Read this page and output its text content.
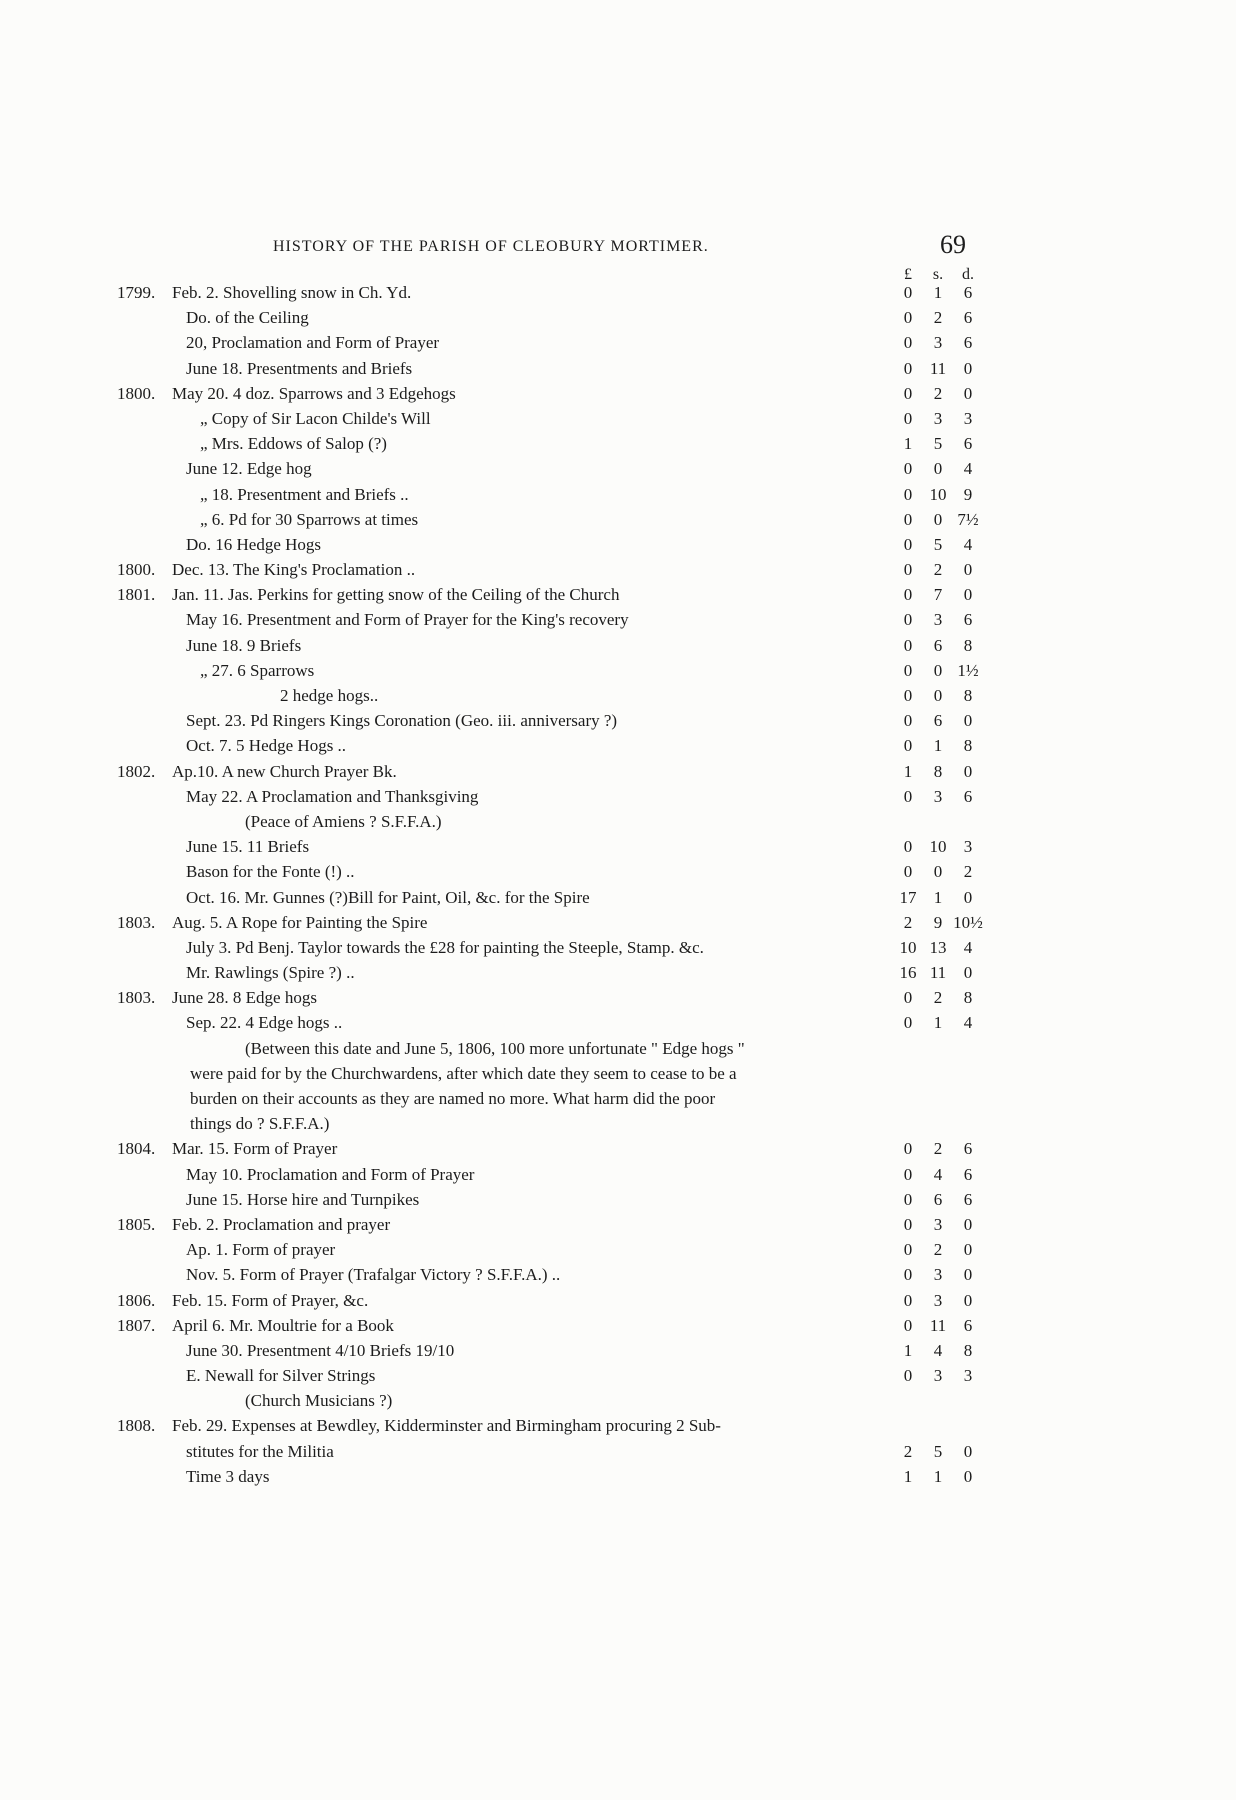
HISTORY OF THE PARISH OF CLEOBURY MORTIMER.	69
£	s.	d.
1799. Feb. 2. Shovelling snow in Ch. Yd.	0	1	6
Do. of the Ceiling	0	2	6
20, Proclamation and Form of Prayer	0	3	6
June 18. Presentments and Briefs	0	11	0
1800. May 20. 4 doz. Sparrows and 3 Edgehogs	0	2	0
„ Copy of Sir Lacon Childe's Will	0	3	3
„ Mrs. Eddows of Salop (?)	1	5	6
June 12. Edge hog	0	0	4
„ 18. Presentment and Briefs ..	0	10	9
„ 6. Pd for 30 Sparrows at times	0	0 7½
Do. 16 Hedge Hogs	0	5	4
1800. Dec. 13. The King's Proclamation ..	0	2	0
1801. Jan. 11. Jas. Perkins for getting snow of the Ceiling of the Church	0	7	0
May 16. Presentment and Form of Prayer for the King's recovery	0	3	6
June 18. 9 Briefs	0	6	8
„ 27. 6 Sparrows	0	0 1½
2 hedge hogs..	0	0	8
Sept. 23. Pd Ringers Kings Coronation (Geo. iii. anniversary ?)	0	6	0
Oct. 7. 5 Hedge Hogs ..	0	1	8
1802. Ap.10. A new Church Prayer Bk.	1	8	0
May 22. A Proclamation and Thanksgiving	0	3	6
(Peace of Amiens ? S.F.F.A.)
June 15. 11 Briefs	0	10	3
Bason for the Fonte (!) ..	0	0	2
Oct. 16. Mr. Gunnes (?)Bill for Paint, Oil, &c. for the Spire	17	1	0
1803. Aug. 5. A Rope for Painting the Spire	2	9 10½
July 3. Pd Benj. Taylor towards the £28 for painting the Steeple, Stamp. &c.	10 13	4
Mr. Rawlings (Spire ?) ..	16 11	0
1803. June 28. 8 Edge hogs	0	2	8
Sep. 22. 4 Edge hogs ..	0	1	4
(Between this date and June 5, 1806, 100 more unfortunate " Edge hogs "
were paid for by the Churchwardens, after which date they seem to cease to be a
burden on their accounts as they are named no more. What harm did the poor
things do ? S.F.F.A.)
1804. Mar. 15. Form of Prayer	0	2	6
May 10. Proclamation and Form of Prayer	0	4	6
June 15. Horse hire and Turnpikes	0	6	6
1805. Feb. 2. Proclamation and prayer	0	3	0
Ap. 1. Form of prayer	0	2	0
Nov. 5. Form of Prayer (Trafalgar Victory ? S.F.F.A.) ..	0	3	0
1806. Feb. 15. Form of Prayer, &c.	0	3	0
1807. April 6. Mr. Moultrie for a Book	0	11	6
June 30. Presentment 4/10 Briefs 19/10	1	4	8
E. Newall for Silver Strings	0	3	3
(Church Musicians ?)
1808. Feb. 29. Expenses at Bewdley, Kidderminster and Birmingham procuring 2 Sub-
stitutes for the Militia	2	5	0
Time 3 days	1	1	0
